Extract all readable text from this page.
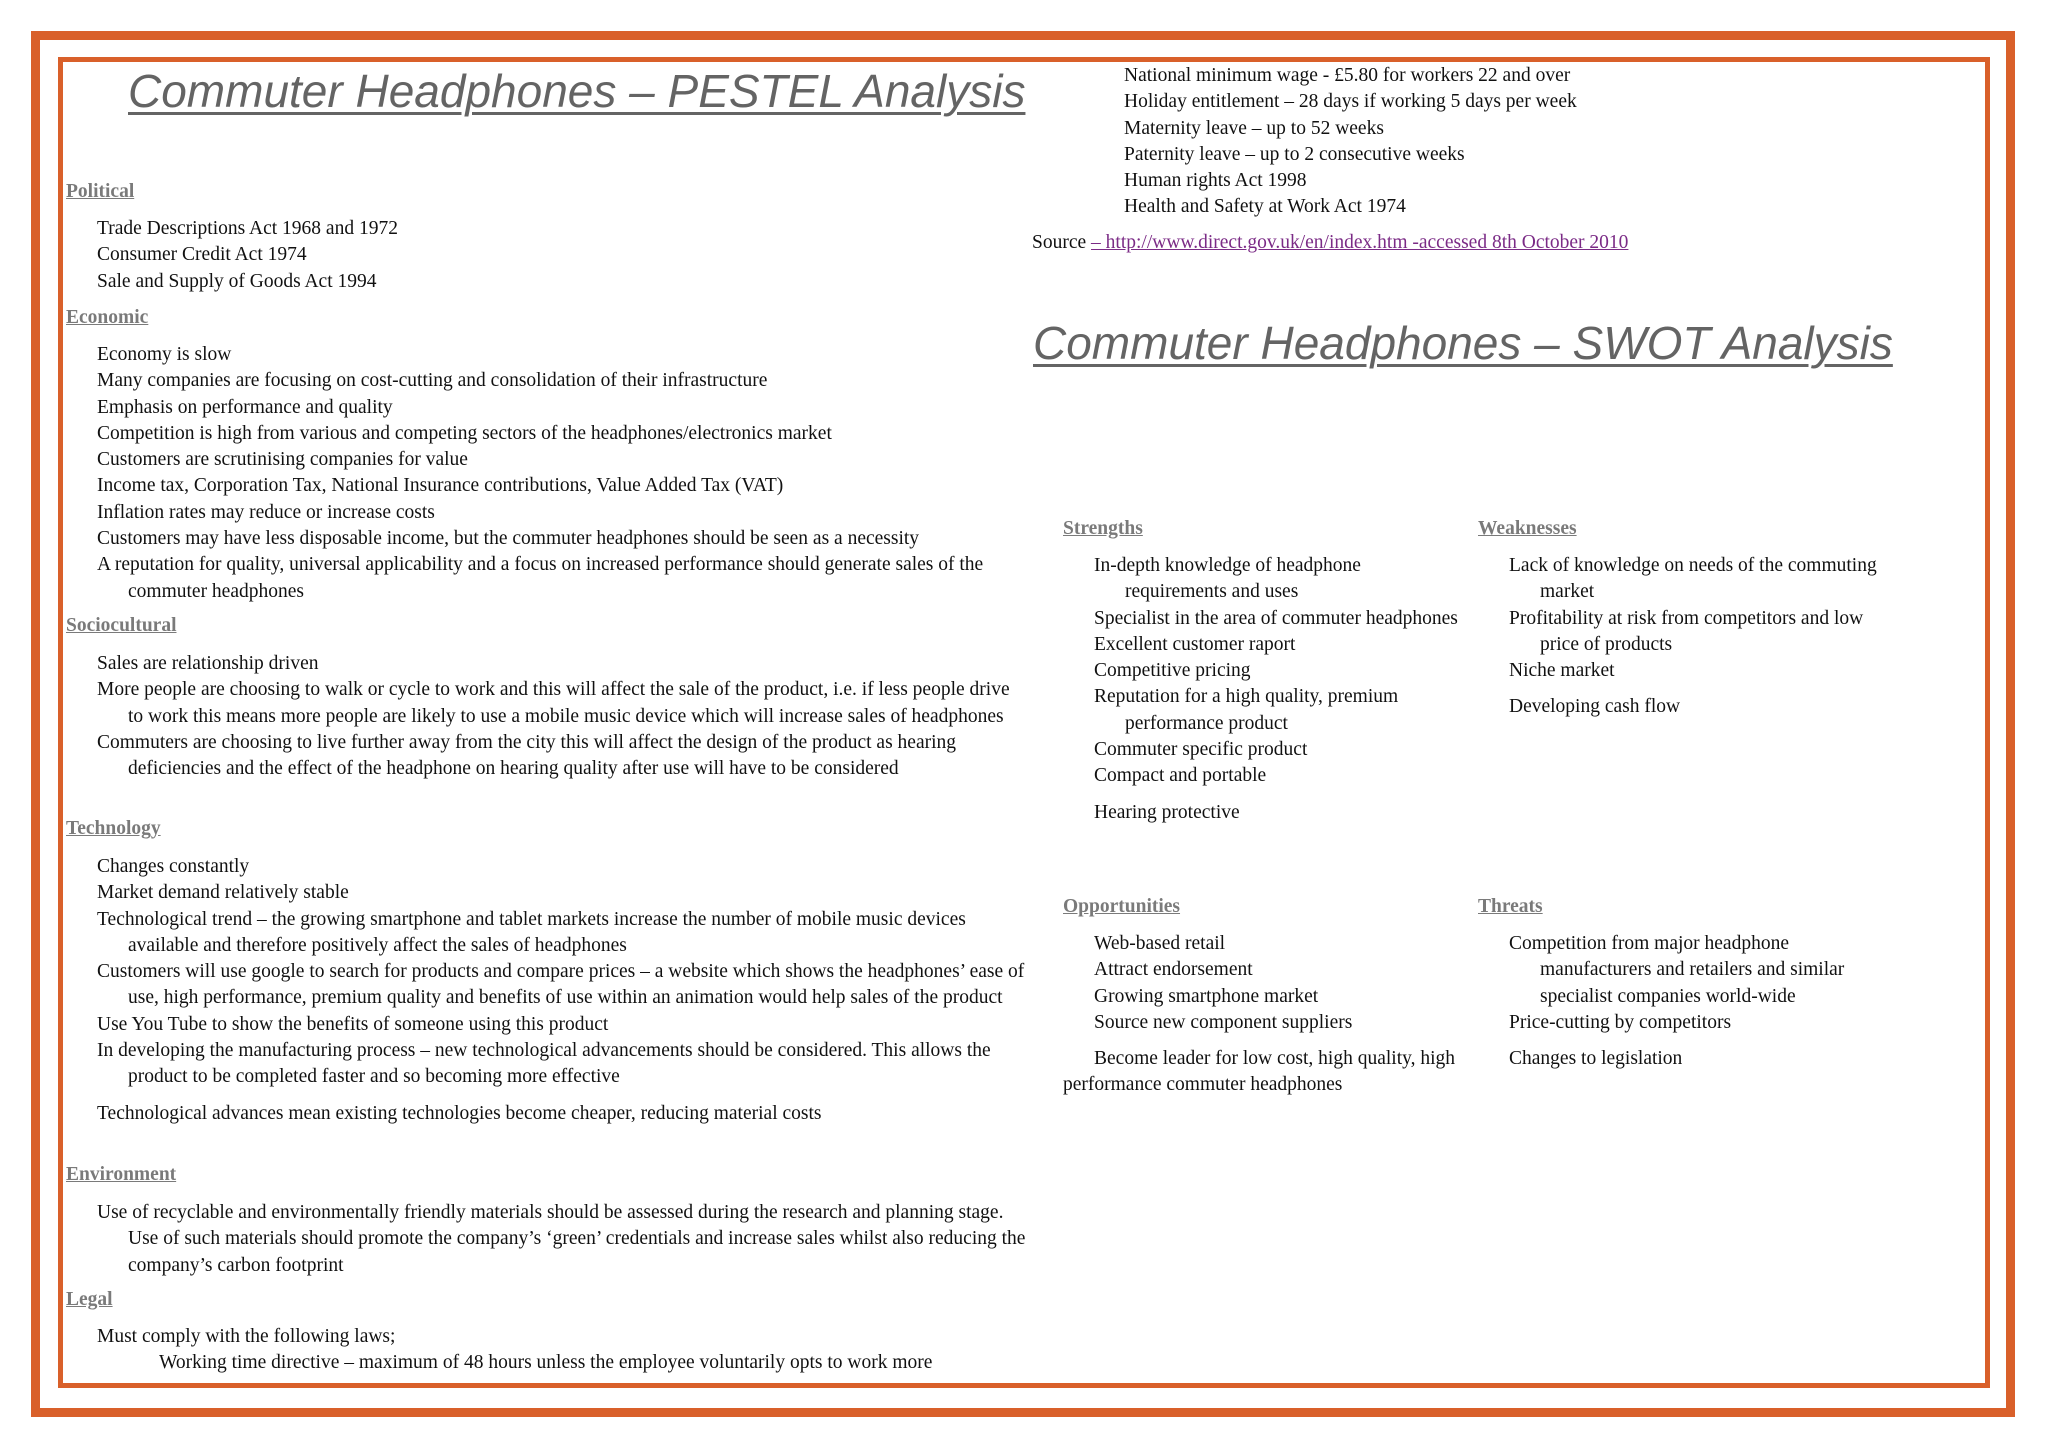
Commuter Headphones – PESTEL Analysis
Political
Trade Descriptions Act 1968 and 1972
Consumer Credit Act 1974
Sale and Supply of Goods Act 1994
Economic
Economy is slow
Many companies are focusing on cost-cutting and consolidation of their infrastructure
Emphasis on performance and quality
Competition is high from various and competing sectors of the headphones/electronics market
Customers are scrutinising companies for value
Income tax, Corporation Tax, National Insurance contributions, Value Added Tax (VAT)
Inflation rates may reduce or increase costs
Customers may have less disposable income, but the commuter headphones should be seen as a necessity
A reputation for quality, universal applicability and a focus on increased performance should generate sales of the commuter headphones
Sociocultural
Sales are relationship driven
More people are choosing to walk or cycle to work and this will affect the sale of the product, i.e. if less people drive to work this means more people are likely to use a mobile music device which will increase sales of headphones
Commuters are choosing to live further away from the city this will affect the design of the product as hearing deficiencies and the effect of the headphone on hearing quality after use will have to be considered
Technology
Changes constantly
Market demand relatively stable
Technological trend – the growing smartphone and tablet markets increase the number of mobile music devices available and therefore positively affect the sales of headphones
Customers will use google to search for products and compare prices – a website which shows the headphones’ ease of use, high performance, premium quality and benefits of use within an animation would help sales of the product
Use You Tube to show the benefits of someone using this product
In developing the manufacturing process – new technological advancements should be considered. This allows the product to be completed faster and so becoming more effective
Technological advances mean existing technologies become cheaper, reducing material costs
Environment
Use of recyclable and environmentally friendly materials should be assessed during the research and planning stage. Use of such materials should promote the company’s ‘green’ credentials and increase sales whilst also reducing the company’s carbon footprint
Legal

Must comply with the following laws;

Working time directive – maximum of 48 hours unless the employee voluntarily opts to work more

National minimum wage - £5.80 for workers 22 and over
Holiday entitlement – 28 days if working 5 days per week
Maternity leave – up to 52 weeks
Paternity leave – up to 2 consecutive weeks
Human rights Act 1998
Health and Safety at Work Act 1974
Source – http://www.direct.gov.uk/en/index.htm -accessed 8th October 2010
Commuter Headphones – SWOT Analysis
Strengths
In-depth knowledge of headphone requirements and uses
Specialist in the area of commuter headphones
Excellent customer raport
Competitive pricing
Reputation for a high quality, premium performance product
Commuter specific product
Compact and portable
Hearing protective
Weaknesses
Lack of knowledge on needs of the commuting market
Profitability at risk from competitors and low price of products
Niche market
Developing cash flow
Opportunities
Web-based retail
Attract endorsement
Growing smartphone market
Source new component suppliers
Become leader for low cost, high quality, high performance commuter headphones
Threats
Competition from major headphone manufacturers and retailers and similar specialist companies world-wide
Price-cutting by competitors
Changes to legislation
